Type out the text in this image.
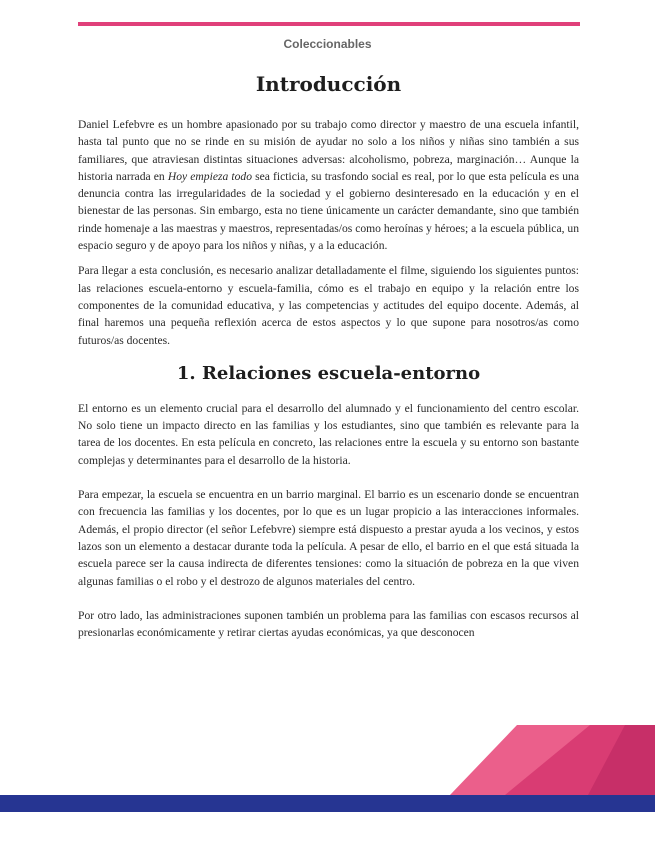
Coleccionables
Introducción

Daniel Lefebvre es un hombre apasionado por su trabajo como director y maestro de una escuela infantil, hasta tal punto que no se rinde en su misión de ayudar no solo a los niños y niñas sino también a sus familiares, que atraviesan distintas situaciones adversas: alcoholismo, pobreza, marginación… Aunque la historia narrada en Hoy empieza todo sea ficticia, su trasfondo social es real, por lo que esta película es una denuncia contra las irregularidades de la sociedad y el gobierno desinteresado en la educación y en el bienestar de las personas. Sin embargo, esta no tiene únicamente un carácter demandante, sino que también rinde homenaje a las maestras y maestros, representadas/os como heroínas y héroes; a la escuela pública, un espacio seguro y de apoyo para los niños y niñas, y a la educación.

Para llegar a esta conclusión, es necesario analizar detalladamente el filme, siguiendo los siguientes puntos: las relaciones escuela-entorno y escuela-familia, cómo es el trabajo en equipo y la relación entre los componentes de la comunidad educativa, y las competencias y actitudes del equipo docente. Además, al final haremos una pequeña reflexión acerca de estos aspectos y lo que supone para nosotros/as como futuros/as docentes.

1. Relaciones escuela-entorno

El entorno es un elemento crucial para el desarrollo del alumnado y el funcionamiento del centro escolar. No solo tiene un impacto directo en las familias y los estudiantes, sino que también es relevante para la tarea de los docentes. En esta película en concreto, las relaciones entre la escuela y su entorno son bastante complejas y determinantes para el desarrollo de la historia.

Para empezar, la escuela se encuentra en un barrio marginal. El barrio es un escenario donde se encuentran con frecuencia las familias y los docentes, por lo que es un lugar propicio a las interacciones informales. Además, el propio director (el señor Lefebvre) siempre está dispuesto a prestar ayuda a los vecinos, y estos lazos son un elemento a destacar durante toda la película. A pesar de ello, el barrio en el que está situada la escuela parece ser la causa indirecta de diferentes tensiones: como la situación de pobreza en la que viven algunas familias o el robo y el destrozo de algunos materiales del centro.

Por otro lado, las administraciones suponen también un problema para las familias con escasos recursos al presionarlas económicamente y retirar ciertas ayudas económicas, ya que desconocen
